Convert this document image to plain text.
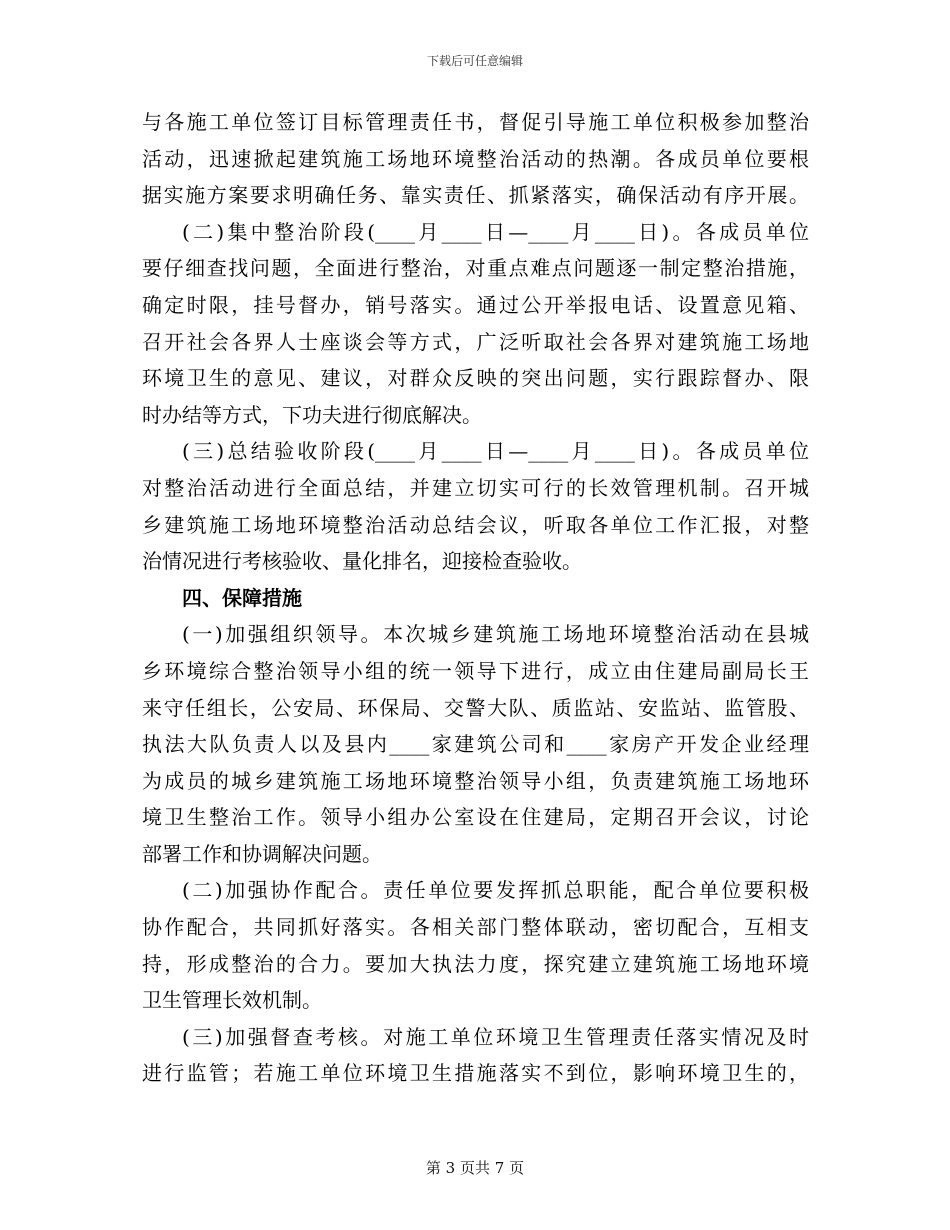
下载后可任意编辑
与各施工单位签订目标管理责任书，督促引导施工单位积极参加整治
活动，迅速掀起建筑施工场地环境整治活动的热潮。各成员单位要根
据实施方案要求明确任务、靠实责任、抓紧落实，确保活动有序开展。
(二)集中整治阶段(____月____日—____月____日)。各成员单位
要仔细查找问题，全面进行整治，对重点难点问题逐一制定整治措施，
确定时限，挂号督办，销号落实。通过公开举报电话、设置意见箱、
召开社会各界人士座谈会等方式，广泛听取社会各界对建筑施工场地
环境卫生的意见、建议，对群众反映的突出问题，实行跟踪督办、限
时办结等方式，下功夫进行彻底解决。
(三)总结验收阶段(____月____日—____月____日)。各成员单位
对整治活动进行全面总结，并建立切实可行的长效管理机制。召开城
乡建筑施工场地环境整治活动总结会议，听取各单位工作汇报，对整
治情况进行考核验收、量化排名，迎接检查验收。
四、保障措施
(一)加强组织领导。本次城乡建筑施工场地环境整治活动在县城
乡环境综合整治领导小组的统一领导下进行，成立由住建局副局长王
来守任组长，公安局、环保局、交警大队、质监站、安监站、监管股、
执法大队负责人以及县内____家建筑公司和____家房产开发企业经理
为成员的城乡建筑施工场地环境整治领导小组，负责建筑施工场地环
境卫生整治工作。领导小组办公室设在住建局，定期召开会议，讨论
部署工作和协调解决问题。
(二)加强协作配合。责任单位要发挥抓总职能，配合单位要积极
协作配合，共同抓好落实。各相关部门整体联动，密切配合，互相支
持，形成整治的合力。要加大执法力度，探究建立建筑施工场地环境
卫生管理长效机制。
(三)加强督查考核。对施工单位环境卫生管理责任落实情况及时
进行监管；若施工单位环境卫生措施落实不到位，影响环境卫生的，
第 3 页共 7 页
